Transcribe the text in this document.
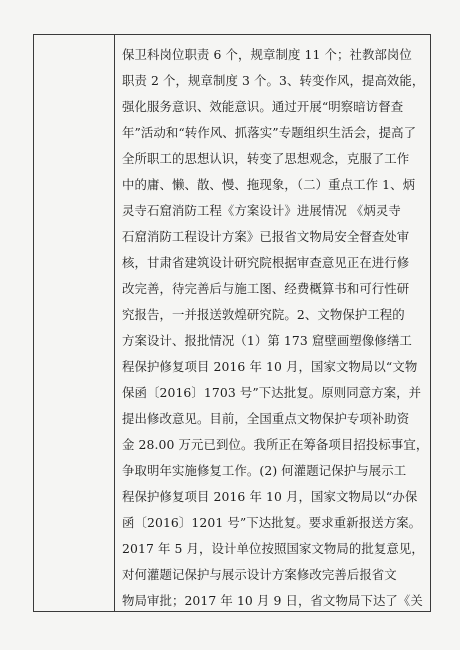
保卫科岗位职责 6 个，规章制度 11 个；社教部岗位
职责 2 个，规章制度 3 个。3、转变作风，提高效能，
强化服务意识、效能意识。通过开展“明察暗访督查
年”活动和“转作风、抓落实”专题组织生活会，提高了
全所职工的思想认识，转变了思想观念，克服了工作
中的庸、懒、散、慢、拖现象，（二）重点工作 1、炳
灵寺石窟消防工程《方案设计》进展情况 《炳灵寺
石窟消防工程设计方案》已报省文物局安全督查处审
核，甘肃省建筑设计研究院根据审查意见正在进行修
改完善，待完善后与施工图、经费概算书和可行性研
究报告，一并报送敦煌研究院。2、文物保护工程的
方案设计、报批情况（1）第 173 窟壁画塑像修缮工
程保护修复项目 2016 年 10 月，国家文物局以“文物
保函〔2016〕1703 号”下达批复。原则同意方案，并
提出修改意见。目前，全国重点文物保护专项补助资
金 28.00 万元已到位。我所正在筹备项目招投标事宜，
争取明年实施修复工作。(2) 何灌题记保护与展示工
程保护修复项目 2016 年 10 月，国家文物局以“办保
函〔2016〕1201 号”下达批复。要求重新报送方案。
2017 年 5 月，设计单位按照国家文物局的批复意见，
对何灌题记保护与展示设计方案修改完善后报省文
物局审批；2017 年 10 月 9 日，省文物局下达了《关
